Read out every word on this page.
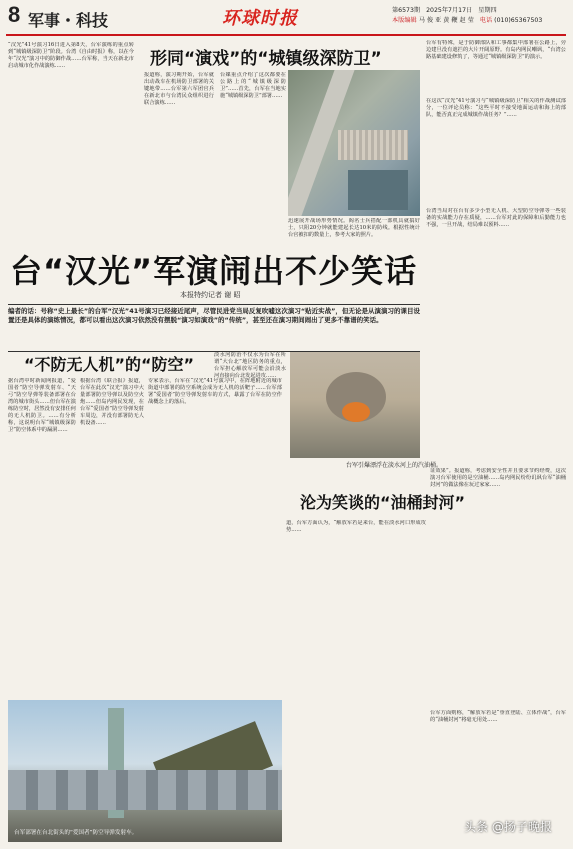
8 军事・科技	环球时报	第6573期 2025年7月17日 星期四
本版编辑 马 俊 亚 黄 鞭 赵 莹 电话 (010)65367503
形同“演戏”的“城镇级深防卫”
“汉光”41号演习16日进入第8天，台军演练的重点转到“城镇级深防卫”阶段。台湾《自由时报》称，以在今年“汉光”演习中的防御作战……台军称，当天在新北市启动城市化作战演练……
报道称，演习期开始，台军就出动战车在机场防卫部署的关键地带……台军第六军团官兵在新北市与台湾民众组织进行联合演练……
台媒重点介绍了这次都要在公路上的“城镇级深防卫”……首先，台军在当地实施“城镇级深防卫”部署……
迅速展开战场形势情况。阁名士兵搭配一部机具就搞好士，只阻20分钟就能建起长达10米的防线。根据性统计台官被扣的数量上，参考大家的照片。
台军有特殊，是于防御部队和工事都集中部署在公路上，旁边建旦没有遮拦的大片开阔原野。有岛内网民嘲讽，“台湾公路基础建设修筑了，等通过“城镇级深防卫”的演示。
在这次“汉光”41号演习与“城镇级深防卫”相关的作战测试部分，一位评论员称：“这些平时不接受地面运动和海上的部队，能否真正完成城镇作战任务？”……
台湾当局对在台有多少小型无人机、大型防空导弹等一些装备的实战能力存在质疑，……台军对此的保障和后勤能力也不强，一旦开战，结局难以预料……
台“汉光”军演闹出不少笑话
本报特约记者 谢 昭
编者的话：号称“史上最长”的台军“汉光”41号演习已经接近尾声，尽管民进党当局反复吹嘘这次演习“贴近实战”，但无论是从演演习的课目设置还是具体的演练情况，都可以看出这次演习依然没有摆脱“演习如演戏”的“传统”，甚至还在演习期间闹出了更多不靠谱的笑话。
“不防无人机”的“防空”
据台湾中时新闻网报道，“爱国者”防空导弹发射车、“天弓”防空导弹等装备部署在台湾的城市街头……但台军在演练防空时，居然没有安排任何的无人机防卫。……有分析称，这说明台军“城镇级深防卫”防空体系中的漏洞……
根据台湾《联合报》报道，台军在此次“汉光”演习中大量部署防空导弹以及防空火炮……但岛内网民发现，在台军“爱国者”防空导弹发射车周边，并没有部署防无人机设备……
专家表示，台军在“汉光”41号演习中，在阵地附近的城市街道中部署的防空系统会成为无人机的活靶子……台军部署“爱国者”防空导弹发射车的方式，暴露了台军在防空作战概念上的落后。
台军部署在台北街头的“爱国者”防空导弹发射车。
台军引爆漂浮在淡水河上的汽油桶。
淡水河防治不仅水为台军在所谓“大台北”地区防务的重点，台军担心解放军可能会沿淡水河直接向台北发起进攻……
沦为笑谈的“油桶封河”
道，台军方面认为，“解放军若是来台，能在淡水河口形成攻势……
证效果”。报道称，考虑到安全性并且要求节约经费，这次演习台军使用的是空油桶……岛内网民纷纷讥讽台军“油桶封河”的做法像在玩过家家……
台军方面则称，“解放军若是“垂直登陆、立体作战”，台军的“油桶封河”将毫无用处……
头条 @扬子晚报
